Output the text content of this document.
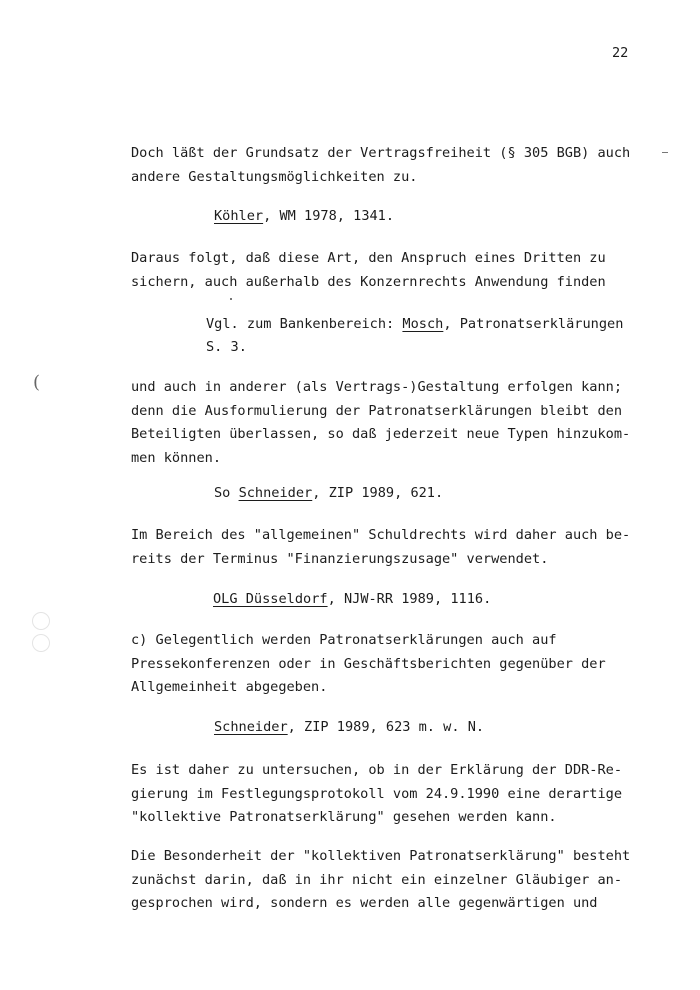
22
Doch läßt der Grundsatz der Vertragsfreiheit (§ 305 BGB) auch
andere Gestaltungsmöglichkeiten zu.
Köhler, WM 1978, 1341.
Daraus folgt, daß diese Art, den Anspruch eines Dritten zu
sichern, auch außerhalb des Konzernrechts Anwendung finden
Vgl. zum Bankenbereich: Mosch, Patronatserklärungen
S. 3.
und auch in anderer (als Vertrags-)Gestaltung erfolgen kann;
denn die Ausformulierung der Patronatserklärungen bleibt den
Beteiligten überlassen, so daß jederzeit neue Typen hinzukom-
men können.
So Schneider, ZIP 1989, 621.
Im Bereich des "allgemeinen" Schuldrechts wird daher auch be-
reits der Terminus "Finanzierungszusage" verwendet.
OLG Düsseldorf, NJW-RR 1989, 1116.
c) Gelegentlich werden Patronatserklärungen auch auf
Pressekonferenzen oder in Geschäftsberichten gegenüber der
Allgemeinheit abgegeben.
Schneider, ZIP 1989, 623 m. w. N.
Es ist daher zu untersuchen, ob in der Erklärung der DDR-Re-
gierung im Festlegungsprotokoll vom 24.9.1990 eine derartige
"kollektive Patronatserklärung" gesehen werden kann.
Die Besonderheit der "kollektiven Patronatserklärung" besteht
zunächst darin, daß in ihr nicht ein einzelner Gläubiger an-
gesprochen wird, sondern es werden alle gegenwärtigen und
(
